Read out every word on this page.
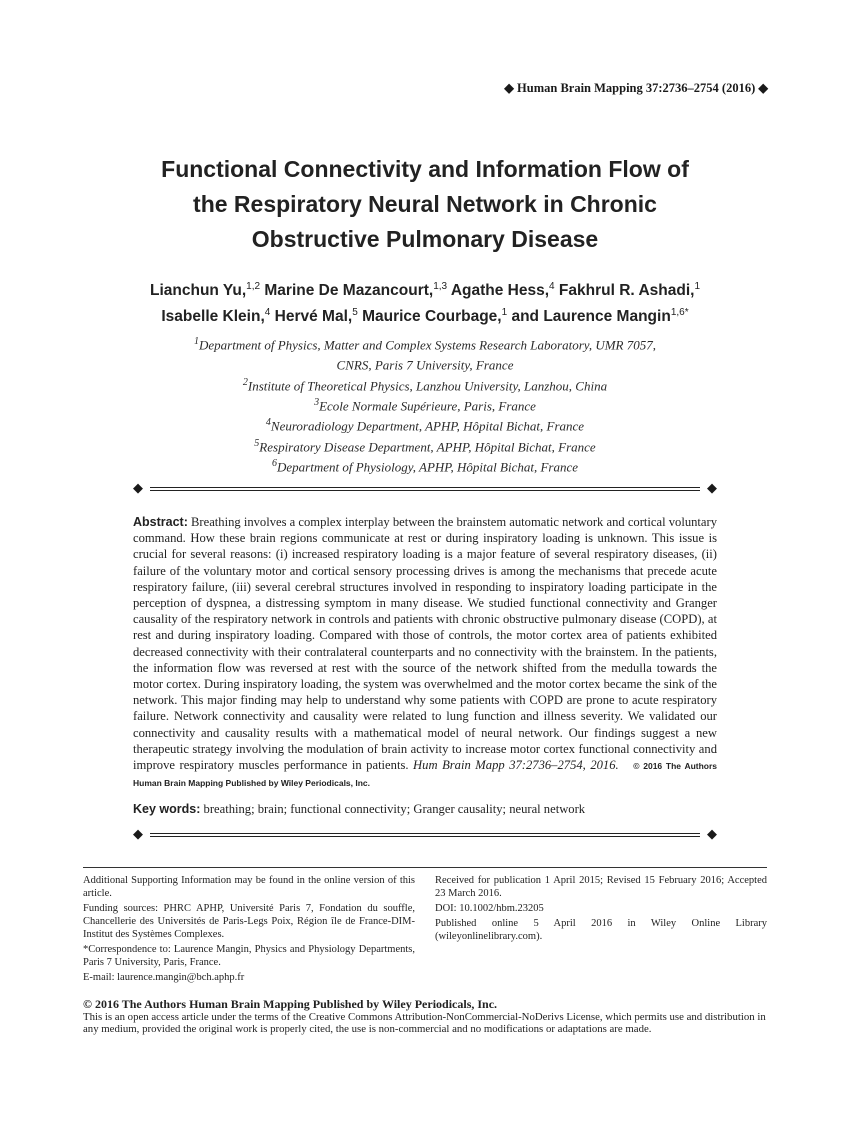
◆ Human Brain Mapping 37:2736–2754 (2016) ◆
Functional Connectivity and Information Flow of
the Respiratory Neural Network in Chronic
Obstructive Pulmonary Disease
Lianchun Yu,$^{1,2}$ Marine De Mazancourt,$^{1,3}$ Agathe Hess,$^4$ Fakhrul R. Ashadi,$^1$
Isabelle Klein,$^4$ Hervé Mal,$^5$ Maurice Courbage,$^1$ and Laurence Mangin$^{1,6*}$
$^1$Department of Physics, Matter and Complex Systems Research Laboratory, UMR 7057,
CNRS, Paris 7 University, France
$^2$Institute of Theoretical Physics, Lanzhou University, Lanzhou, China
$^3$Ecole Normale Supérieure, Paris, France
$^4$Neuroradiology Department, APHP, Hôpital Bichat, France
$^5$Respiratory Disease Department, APHP, Hôpital Bichat, France
$^6$Department of Physiology, APHP, Hôpital Bichat, France
◆	◆

Abstract: Breathing involves a complex interplay between the brainstem automatic network and cortical voluntary command. How these brain regions communicate at rest or during inspiratory loading is unknown. This issue is crucial for several reasons: (i) increased respiratory loading is a major feature of several respiratory diseases, (ii) failure of the voluntary motor and cortical sensory processing drives is among the mechanisms that precede acute respiratory failure, (iii) several cerebral structures involved in responding to inspiratory loading participate in the perception of dyspnea, a distressing symptom in many disease. We studied functional connectivity and Granger causality of the respiratory network in controls and patients with chronic obstructive pulmonary disease (COPD), at rest and during inspiratory loading. Compared with those of controls, the motor cortex area of patients exhibited decreased connectivity with their contralateral counterparts and no connectivity with the brainstem. In the patients, the information flow was reversed at rest with the source of the network shifted from the medulla towards the motor cortex. During inspiratory loading, the system was overwhelmed and the motor cortex became the sink of the network. This major finding may help to understand why some patients with COPD are prone to acute respiratory failure. Network connectivity and causality were related to lung function and illness severity. We validated our connectivity and causality results with a mathematical model of neural network. Our findings suggest a new therapeutic strategy involving the modulation of brain activity to increase motor cortex functional connectivity and improve respiratory muscles performance in patients. Hum Brain Mapp 37:2736–2754, 2016. © 2016 The Authors Human Brain Mapping Published by Wiley Periodicals, Inc.

Key words: breathing; brain; functional connectivity; Granger causality; neural network

◆	◆

Additional Supporting Information may be found in the online version of this article.

Funding sources: PHRC APHP, Université Paris 7, Fondation du souffle, Chancellerie des Universités de Paris-Legs Poix, Région île de France-DIM-Institut des Systèmes Complexes.

*Correspondence to: Laurence Mangin, Physics and Physiology Departments, Paris 7 University, Paris, France.

E-mail: laurence.mangin@bch.aphp.fr

Received for publication 1 April 2015; Revised 15 February 2016; Accepted 23 March 2016.

DOI: 10.1002/hbm.23205

Published online 5 April 2016 in Wiley Online Library (wileyonlinelibrary.com).

© 2016 The Authors Human Brain Mapping Published by Wiley Periodicals, Inc.
This is an open access article under the terms of the Creative Commons Attribution-NonCommercial-NoDerivs License, which permits use and distribution in any medium, provided the original work is properly cited, the use is non-commercial and no modifications or adaptations are made.
